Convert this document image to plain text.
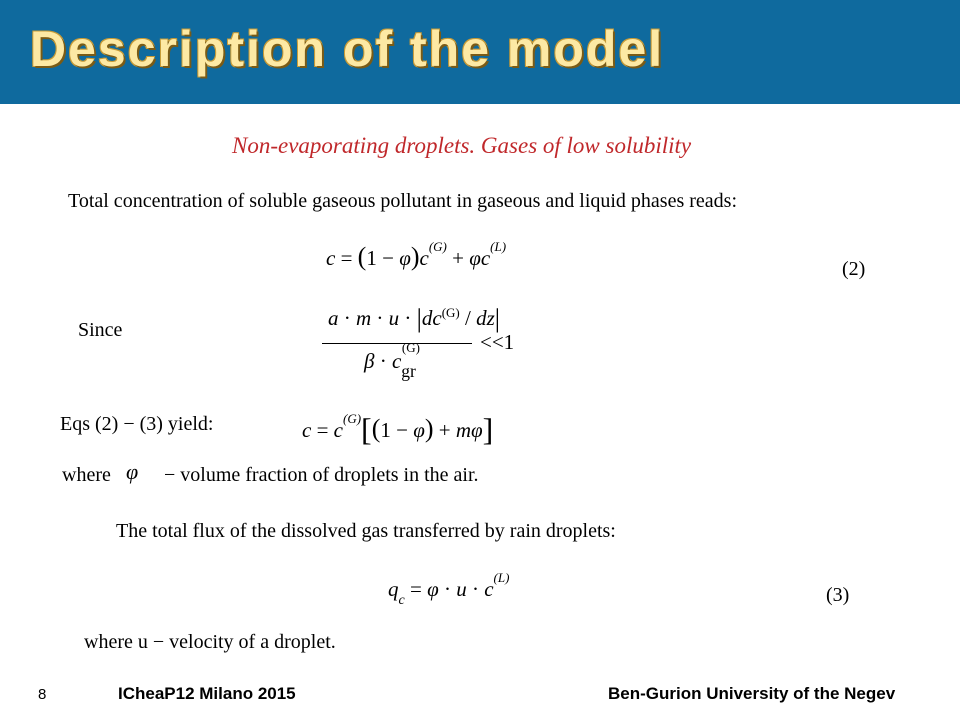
Description of the model
Non-evaporating droplets. Gases of low solubility
Total concentration of soluble gaseous pollutant in gaseous and liquid phases reads:
$c = (1 - \varphi)c^{(G)} + \varphi c^{(L)}$
(2)
Since	$a \cdot m \cdot u \cdot |dc^{(G)} / dz|$
$\beta \cdot c_{gr}^{(G)}$	<<1
Eqs (2) − (3) yield:	$c = c^{(G)}[(1 - \varphi) + m\varphi]$
where φ − volume fraction of droplets in the air.
The total flux of the dissolved gas transferred by rain droplets:
$q_c = \varphi \cdot u \cdot c^{(L)}$
(3)
where u − velocity of a droplet.
8	ICheaP12 Milano 2015	Ben-Gurion University of the Negev
